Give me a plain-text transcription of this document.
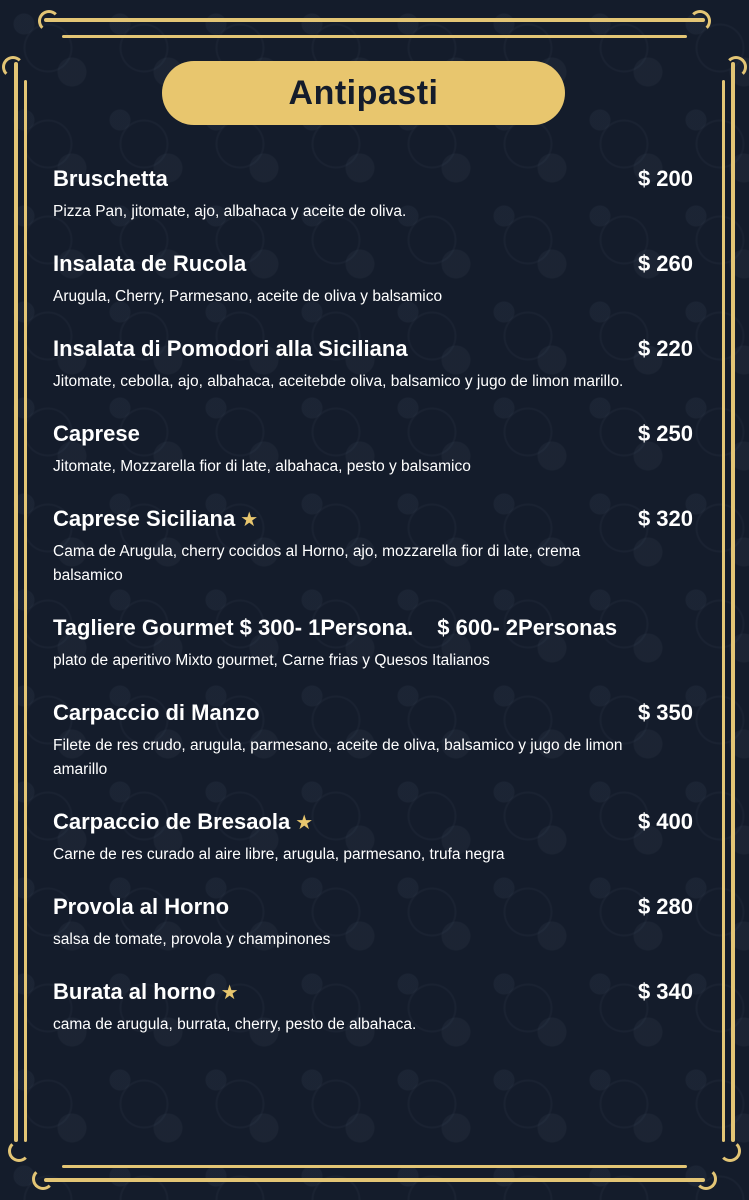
Antipasti
Bruschetta	$ 200
Pizza Pan, jitomate, ajo, albahaca y aceite de oliva.
Insalata de Rucola	$ 260
Arugula, Cherry, Parmesano, aceite de oliva y balsamico
Insalata di Pomodori alla Siciliana	$ 220
Jitomate, cebolla, ajo, albahaca, aceitebde oliva, balsamico y jugo de limon marillo.
Caprese	$ 250
Jitomate, Mozzarella fior di late, albahaca, pesto y balsamico
Caprese Siciliana ★	$ 320
Cama de Arugula, cherry cocidos al Horno, ajo, mozzarella fior di late, crema balsamico
Tagliere Gourmet $ 300- 1Persona. $ 600- 2Personas
plato de aperitivo Mixto gourmet, Carne frias y Quesos Italianos
Carpaccio di Manzo	$ 350
Filete de res crudo, arugula, parmesano, aceite de oliva, balsamico y jugo de limon amarillo
Carpaccio de Bresaola ★	$ 400
Carne de res curado al aire libre, arugula, parmesano, trufa negra
Provola al Horno	$ 280
salsa de tomate, provola y champinones
Burata al horno ★	$ 340
cama de arugula, burrata, cherry, pesto de albahaca.
